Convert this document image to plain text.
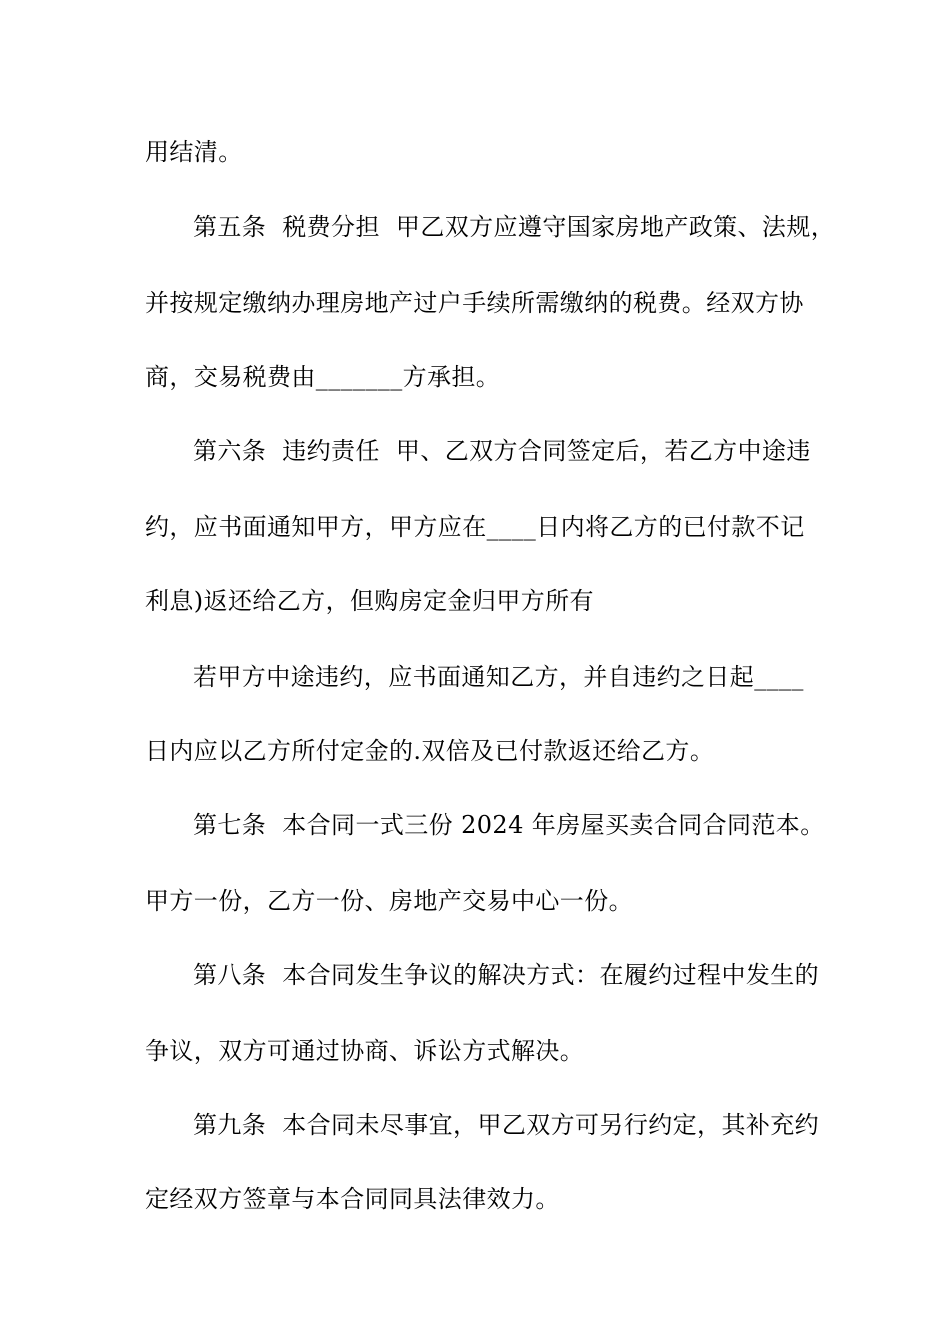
用结清。
第五条  税费分担  甲乙双方应遵守国家房地产政策、法规，
并按规定缴纳办理房地产过户手续所需缴纳的税费。经双方协
商，交易税费由_______方承担。
第六条  违约责任  甲、乙双方合同签定后，若乙方中途违
约，应书面通知甲方，甲方应在____日内将乙方的已付款不记
利息)返还给乙方，但购房定金归甲方所有
若甲方中途违约，应书面通知乙方，并自违约之日起____
日内应以乙方所付定金的.双倍及已付款返还给乙方。
第七条  本合同一式三份 2024 年房屋买卖合同合同范本。
甲方一份，乙方一份、房地产交易中心一份。
第八条  本合同发生争议的解决方式：在履约过程中发生的
争议，双方可通过协商、诉讼方式解决。
第九条  本合同未尽事宜，甲乙双方可另行约定，其补充约
定经双方签章与本合同同具法律效力。
